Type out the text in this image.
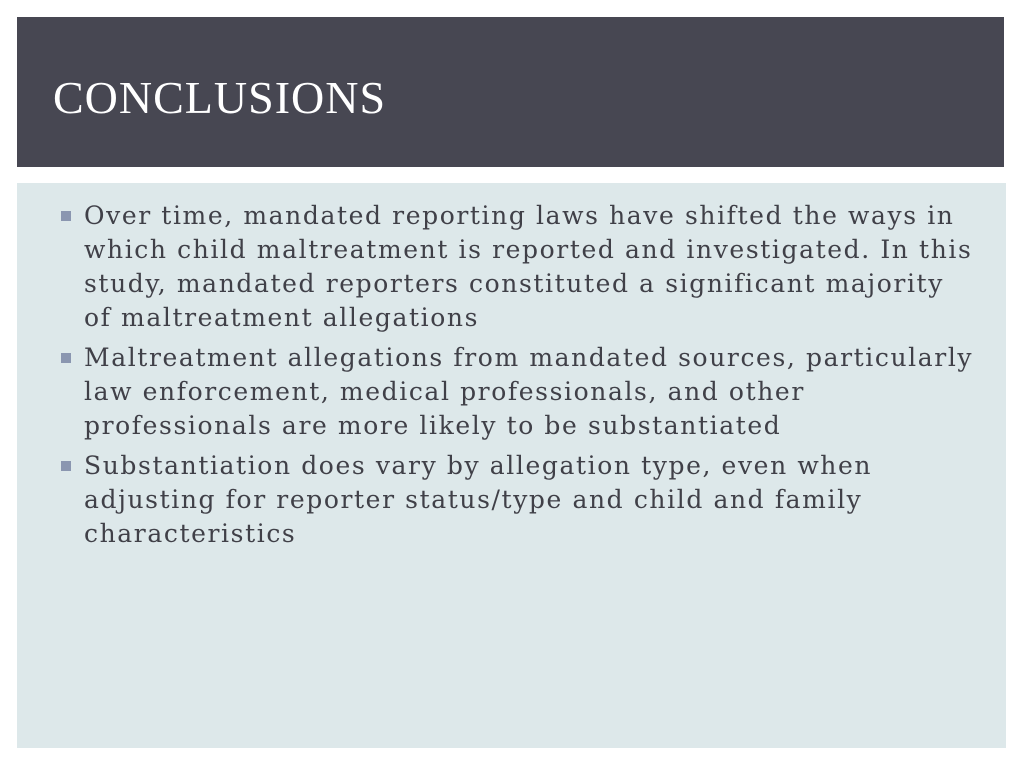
CONCLUSIONS
Over time, mandated reporting laws have shifted the ways in which child maltreatment is reported and investigated. In this study, mandated reporters constituted a significant majority of maltreatment allegations
Maltreatment allegations from mandated sources, particularly law enforcement, medical professionals, and other professionals are more likely to be substantiated
Substantiation does vary by allegation type, even when adjusting for reporter status/type and child and family characteristics
